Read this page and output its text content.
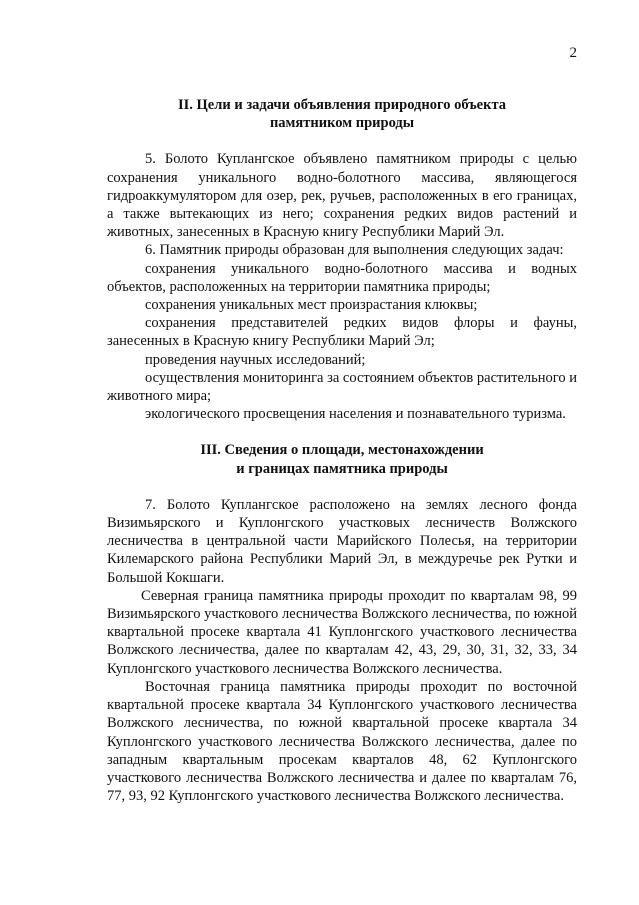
2

II. Цели и задачи объявления природного объекта

памятником природы

5. Болото Куплангское объявлено памятником природы с целью сохранения уникального водно-болотного массива, являющегося гидроаккумулятором для озер, рек, ручьев, расположенных в его границах, а также вытекающих из него; сохранения редких видов растений и животных, занесенных в Красную книгу Республики Марий Эл.

6. Памятник природы образован для выполнения следующих задач:

сохранения уникального водно-болотного массива и водных объектов, расположенных на территории памятника природы;

сохранения уникальных мест произрастания клюквы;

сохранения представителей редких видов флоры и фауны, занесенных в Красную книгу Республики Марий Эл;

проведения научных исследований;

осуществления мониторинга за состоянием объектов растительного и животного мира;

экологического просвещения населения и познавательного туризма.

III. Сведения о площади, местонахождении

и границах памятника природы

7. Болото Куплангское расположено на землях лесного фонда Визимьярского и Куплонгского участковых лесничеств Волжского лесничества в центральной части Марийского Полесья, на территории Килемарского района Республики Марий Эл, в междуречье рек Рутки и Большой Кокшаги.

Северная граница памятника природы проходит по кварталам 98, 99 Визимьярского участкового лесничества Волжского лесничества, по южной квартальной просеке квартала 41 Куплонгского участкового лесничества Волжского лесничества, далее по кварталам 42, 43, 29, 30, 31, 32, 33, 34 Куплонгского участкового лесничества Волжского лесничества.

Восточная граница памятника природы проходит по восточной квартальной просеке квартала 34 Куплонгского участкового лесничества Волжского лесничества, по южной квартальной просеке квартала 34 Куплонгского участкового лесничества Волжского лесничества, далее по западным квартальным просекам кварталов 48, 62 Куплонгского участкового лесничества Волжского лесничества и далее по кварталам 76, 77, 93, 92 Куплонгского участкового лесничества Волжского лесничества.
